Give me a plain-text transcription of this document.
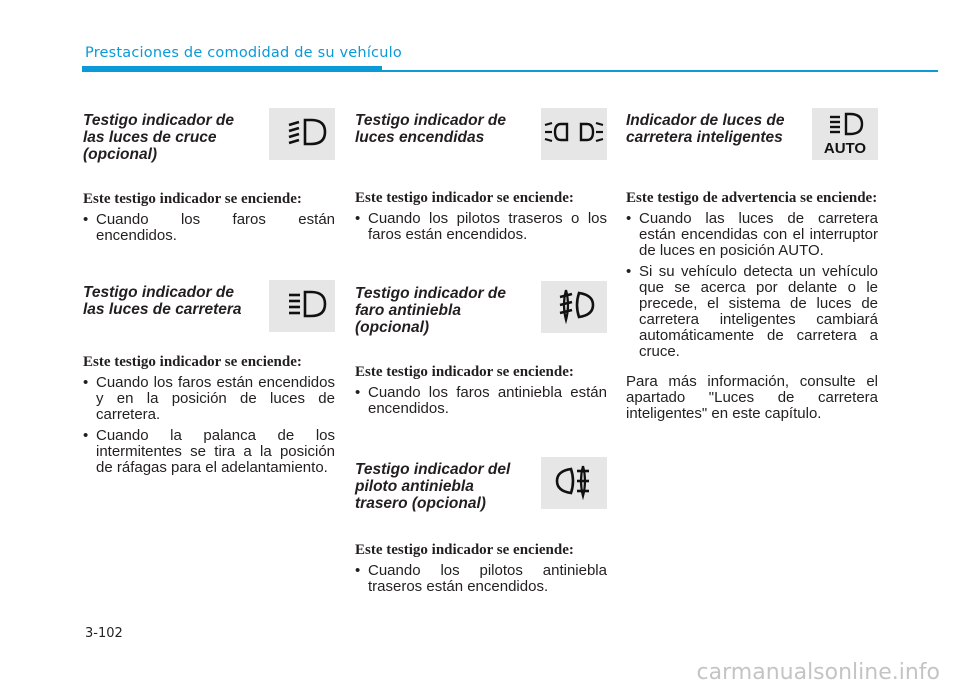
Prestaciones de comodidad de su vehículo

Testigo indicador de las luces de cruce (opcional)

Este testigo indicador se enciende:

• Cuando los faros están encendidos.

Testigo indicador de las luces de carretera

Este testigo indicador se enciende:

• Cuando los faros están encendidos y en la posición de luces de carretera.
• Cuando la palanca de los intermitentes se tira a la posición de ráfagas para el adelantamiento.

Testigo indicador de luces encendidas

Este testigo indicador se enciende:

• Cuando los pilotos traseros o los faros están encendidos.

Testigo indicador de faro antiniebla (opcional)

Este testigo indicador se enciende:

• Cuando los faros antiniebla están encendidos.

Testigo indicador del piloto antiniebla trasero (opcional)

Este testigo indicador se enciende:

• Cuando los pilotos antiniebla traseros están encendidos.

Indicador de luces de carretera inteligentes

AUTO

Este testigo de advertencia se enciende:

• Cuando las luces de carretera están encendidas con el interruptor de luces en posición AUTO.
• Si su vehículo detecta un vehículo que se acerca por delante o le precede, el sistema de luces de carretera inteligentes cambiará automáticamente de carretera a cruce.

Para más información, consulte el apartado "Luces de carretera inteligentes" en este capítulo.

3-102
carmanualsonline.info
